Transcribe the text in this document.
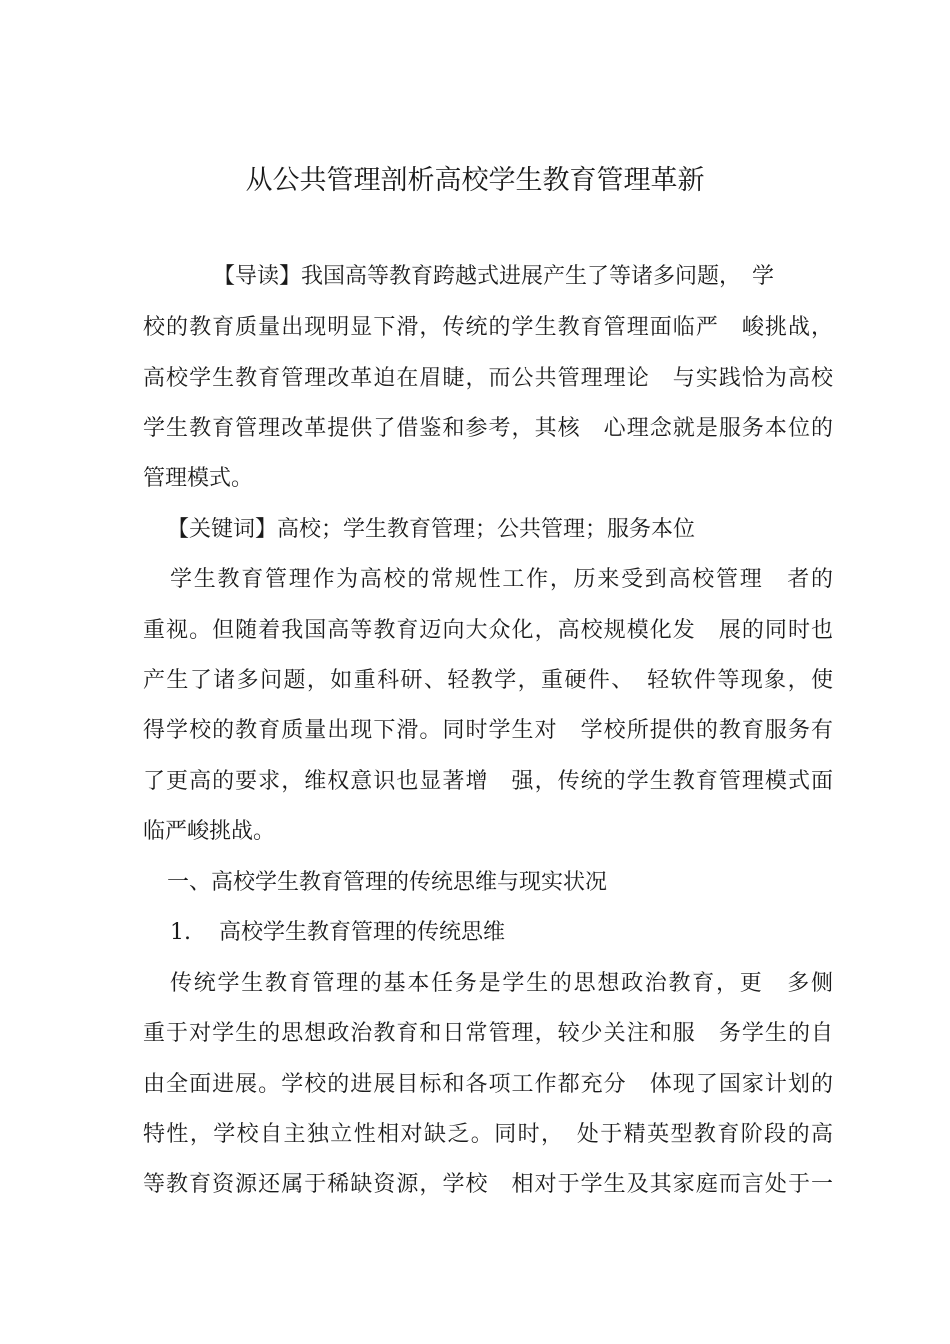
从公共管理剖析高校学生教育管理革新
【导读】我国高等教育跨越式进展产生了等诸多问题，　学
校的教育质量出现明显下滑，传统的学生教育管理面临严　峻挑战，
高校学生教育管理改革迫在眉睫，而公共管理理论　与实践恰为高校
学生教育管理改革提供了借鉴和参考，其核　心理念就是服务本位的
管理模式。
【关键词】高校；学生教育管理；公共管理；服务本位
学生教育管理作为高校的常规性工作，历来受到高校管理　者的
重视。但随着我国高等教育迈向大众化，高校规模化发　展的同时也
产生了诸多问题，如重科研、轻教学，重硬件、　轻软件等现象，使
得学校的教育质量出现下滑。同时学生对　学校所提供的教育服务有
了更高的要求，维权意识也显著增　强，传统的学生教育管理模式面
临严峻挑战。
一、高校学生教育管理的传统思维与现实状况
1. 高校学生教育管理的传统思维
传统学生教育管理的基本任务是学生的思想政治教育，更　多侧
重于对学生的思想政治教育和日常管理，较少关注和服　务学生的自
由全面进展。学校的进展目标和各项工作都充分　体现了国家计划的
特性，学校自主独立性相对缺乏。同时，　处于精英型教育阶段的高
等教育资源还属于稀缺资源，学校　相对于学生及其家庭而言处于一
